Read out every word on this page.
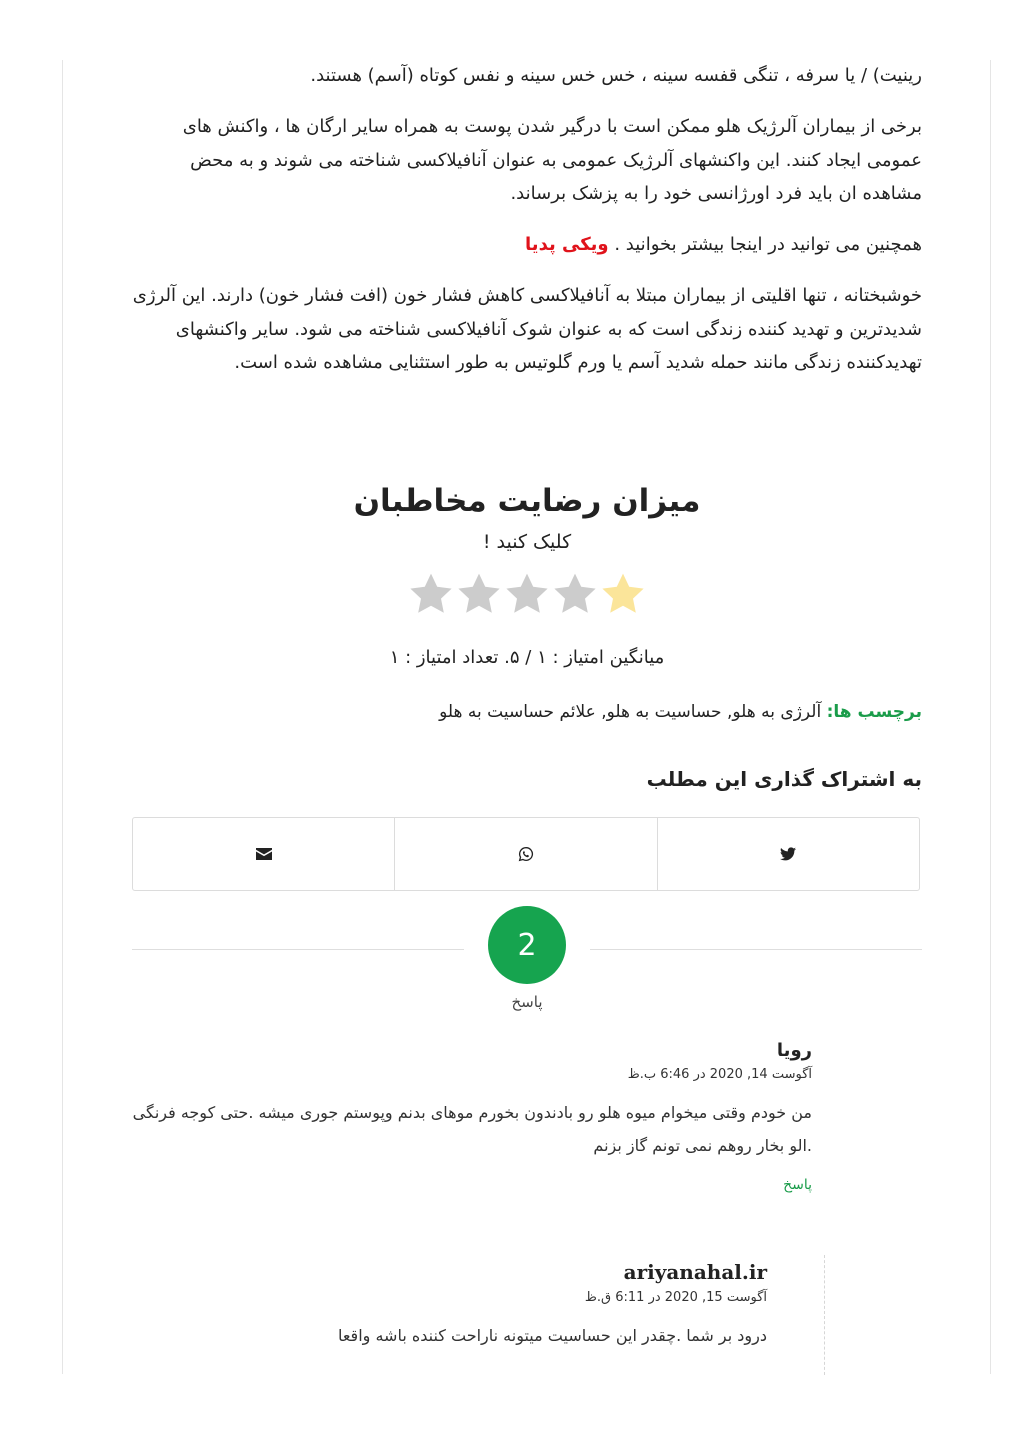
رینیت) / یا سرفه ، تنگی قفسه سینه ، خس خس سینه و نفس کوتاه (آسم) هستند.

برخی از بیماران آلرژیک هلو ممکن است با درگیر شدن پوست به همراه سایر ارگان ها ، واکنش های عمومی ایجاد کنند. این واکنشهای آلرژیک عمومی به عنوان آنافیلاکسی شناخته می شوند و به محض مشاهده ان باید فرد اورژانسی خود را به پزشک برساند.

همچنین می توانید در اینجا بیشتر بخوانید . ویکی پدیا

خوشبختانه ، تنها اقلیتی از بیماران مبتلا به آنافیلاکسی کاهش فشار خون (افت فشار خون) دارند. این آلرژی شدیدترین و تهدید کننده زندگی است که به عنوان شوک آنافیلاکسی شناخته می شود. سایر واکنشهای تهدیدکننده زندگی مانند حمله شدید آسم یا ورم گلوتیس به طور استثنایی مشاهده شده است.

میزان رضایت مخاطبان
کلیک کنید !
میانگین امتیاز : ۱ / ۵. تعداد امتیاز : ۱
برچسب ها: آلرژی به هلو, حساسیت به هلو, علائم حساسیت به هلو
به اشتراک گذاری این مطلب
2
پاسخ
رویا
آگوست 14, 2020 در 6:46 ب.ظ
من خودم وقتی میخوام میوه هلو رو بادندون بخورم موهای بدنم وپوستم جوری میشه .حتی کوجه فرنگی .الو بخار روهم نمی تونم گاز بزنم
پاسخ
ariyanahal.ir
آگوست 15, 2020 در 6:11 ق.ظ
درود بر شما .چقدر این حساسیت میتونه ناراحت کننده باشه واقعا
